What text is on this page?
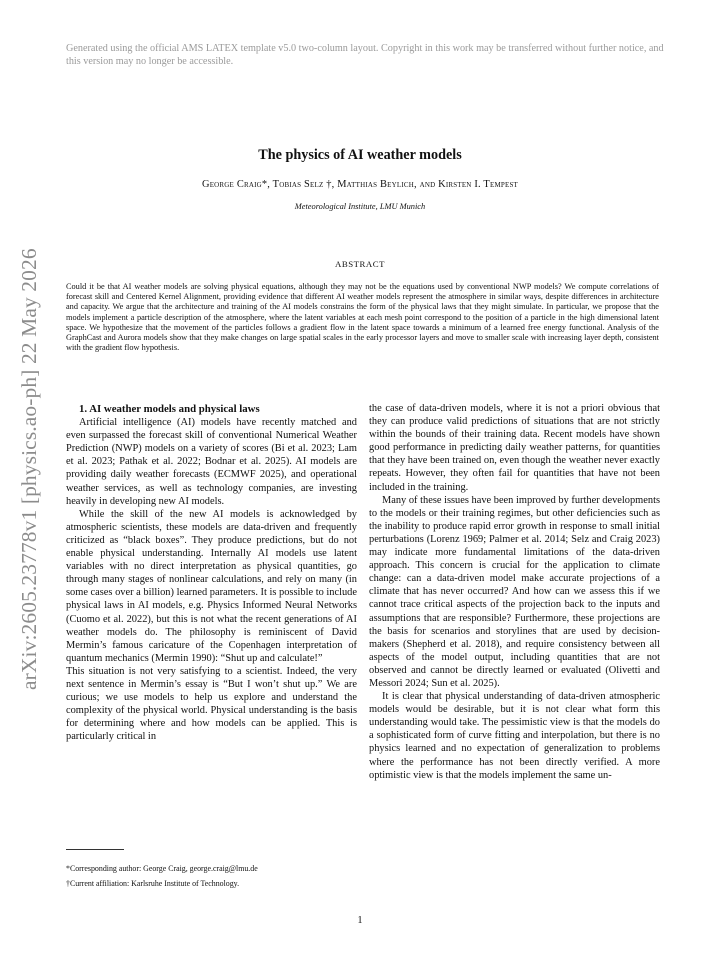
Generated using the official AMS LATEX template v5.0 two-column layout. Copyright in this work may be transferred without further notice, and this version may no longer be accessible.
arXiv:2605.23778v1 [physics.ao-ph] 22 May 2026
The physics of AI weather models
George Craig*, Tobias Selz †, Matthias Beylich, and Kirsten I. Tempest
Meteorological Institute, LMU Munich
ABSTRACT
Could it be that AI weather models are solving physical equations, although they may not be the equations used by conventional NWP models? We compute correlations of forecast skill and Centered Kernel Alignment, providing evidence that different AI weather models represent the atmosphere in similar ways, despite differences in architecture and capacity. We argue that the architecture and training of the AI models constrains the form of the physical laws that they might simulate. In particular, we propose that the models implement a particle description of the atmosphere, where the latent variables at each mesh point correspond to the position of a particle in the high dimensional latent space. We hypothesize that the movement of the particles follows a gradient flow in the latent space towards a minimum of a learned free energy functional. Analysis of the GraphCast and Aurora models show that they make changes on large spatial scales in the early processor layers and move to smaller scale with increasing layer depth, consistent with the gradient flow hypothesis.

1. AI weather models and physical laws

Artificial intelligence (AI) models have recently matched and even surpassed the forecast skill of conventional Numerical Weather Prediction (NWP) models on a variety of scores (Bi et al. 2023; Lam et al. 2023; Pathak et al. 2022; Bodnar et al. 2025). AI models are providing daily weather forecasts (ECMWF 2025), and operational weather services, as well as technology companies, are investing heavily in developing new AI models.

While the skill of the new AI models is acknowledged by atmospheric scientists, these models are data-driven and frequently criticized as “black boxes”. They produce predictions, but do not enable physical understanding. Internally AI models use latent variables with no direct interpretation as physical quantities, go through many stages of nonlinear calculations, and rely on many (in some cases over a billion) learned parameters. It is possible to include physical laws in AI models, e.g. Physics Informed Neural Networks (Cuomo et al. 2022), but this is not what the recent generations of AI weather models do. The philosophy is reminiscent of David Mermin’s famous caricature of the Copenhagen interpretation of quantum mechanics (Mermin 1990): “Shut up and calculate!”

This situation is not very satisfying to a scientist. Indeed, the very next sentence in Mermin’s essay is “But I won’t shut up.” We are curious; we use models to help us explore and understand the complexity of the physical world. Physical understanding is the basis for determining where and how models can be applied. This is particularly critical in

the case of data-driven models, where it is not a priori obvious that they can produce valid predictions of situations that are not strictly within the bounds of their training data. Recent models have shown good performance in predicting daily weather patterns, for quantities that they have been trained on, even though the weather never exactly repeats. However, they often fail for quantities that have not been included in the training.

Many of these issues have been improved by further developments to the models or their training regimes, but other deficiencies such as the inability to produce rapid error growth in response to small initial perturbations (Lorenz 1969; Palmer et al. 2014; Selz and Craig 2023) may indicate more fundamental limitations of the data-driven approach. This concern is crucial for the application to climate change: can a data-driven model make accurate projections of a climate that has never occurred? And how can we assess this if we cannot trace critical aspects of the projection back to the inputs and assumptions that are responsible? Furthermore, these projections are the basis for scenarios and storylines that are used by decision-makers (Shepherd et al. 2018), and require consistency between all aspects of the model output, including quantities that are not observed and cannot be directly learned or evaluated (Olivetti and Messori 2024; Sun et al. 2025).

It is clear that physical understanding of data-driven atmospheric models would be desirable, but it is not clear what form this understanding would take. The pessimistic view is that the models do a sophisticated form of curve fitting and interpolation, but there is no physics learned and no expectation of generalization to problems where the performance has not been directly verified. A more optimistic view is that the models implement the same un-

*Corresponding author: George Craig, george.craig@lmu.de
†Current affiliation: Karlsruhe Institute of Technology.
1
